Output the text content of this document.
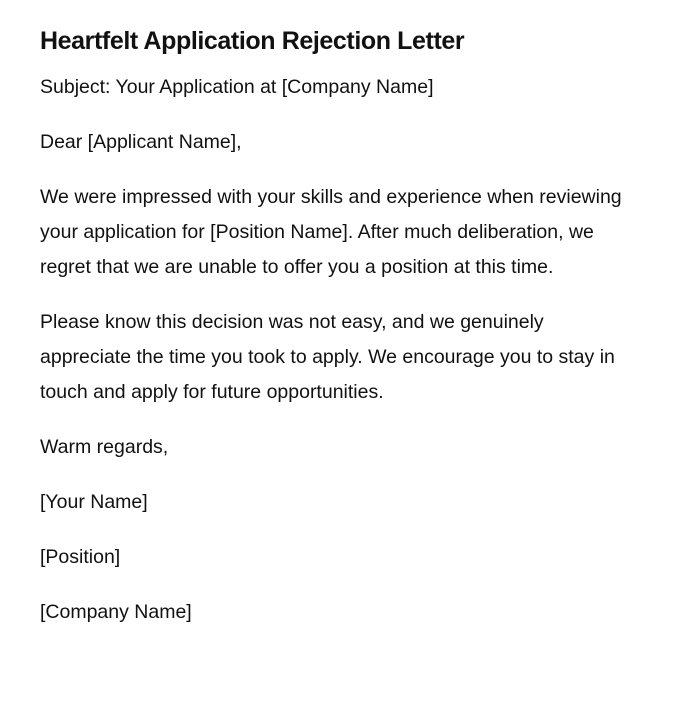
Heartfelt Application Rejection Letter

Subject: Your Application at [Company Name]

Dear [Applicant Name],

We were impressed with your skills and experience when reviewing your application for [Position Name]. After much deliberation, we regret that we are unable to offer you a position at this time.

Please know this decision was not easy, and we genuinely appreciate the time you took to apply. We encourage you to stay in touch and apply for future opportunities.

Warm regards,

[Your Name]

[Position]

[Company Name]
